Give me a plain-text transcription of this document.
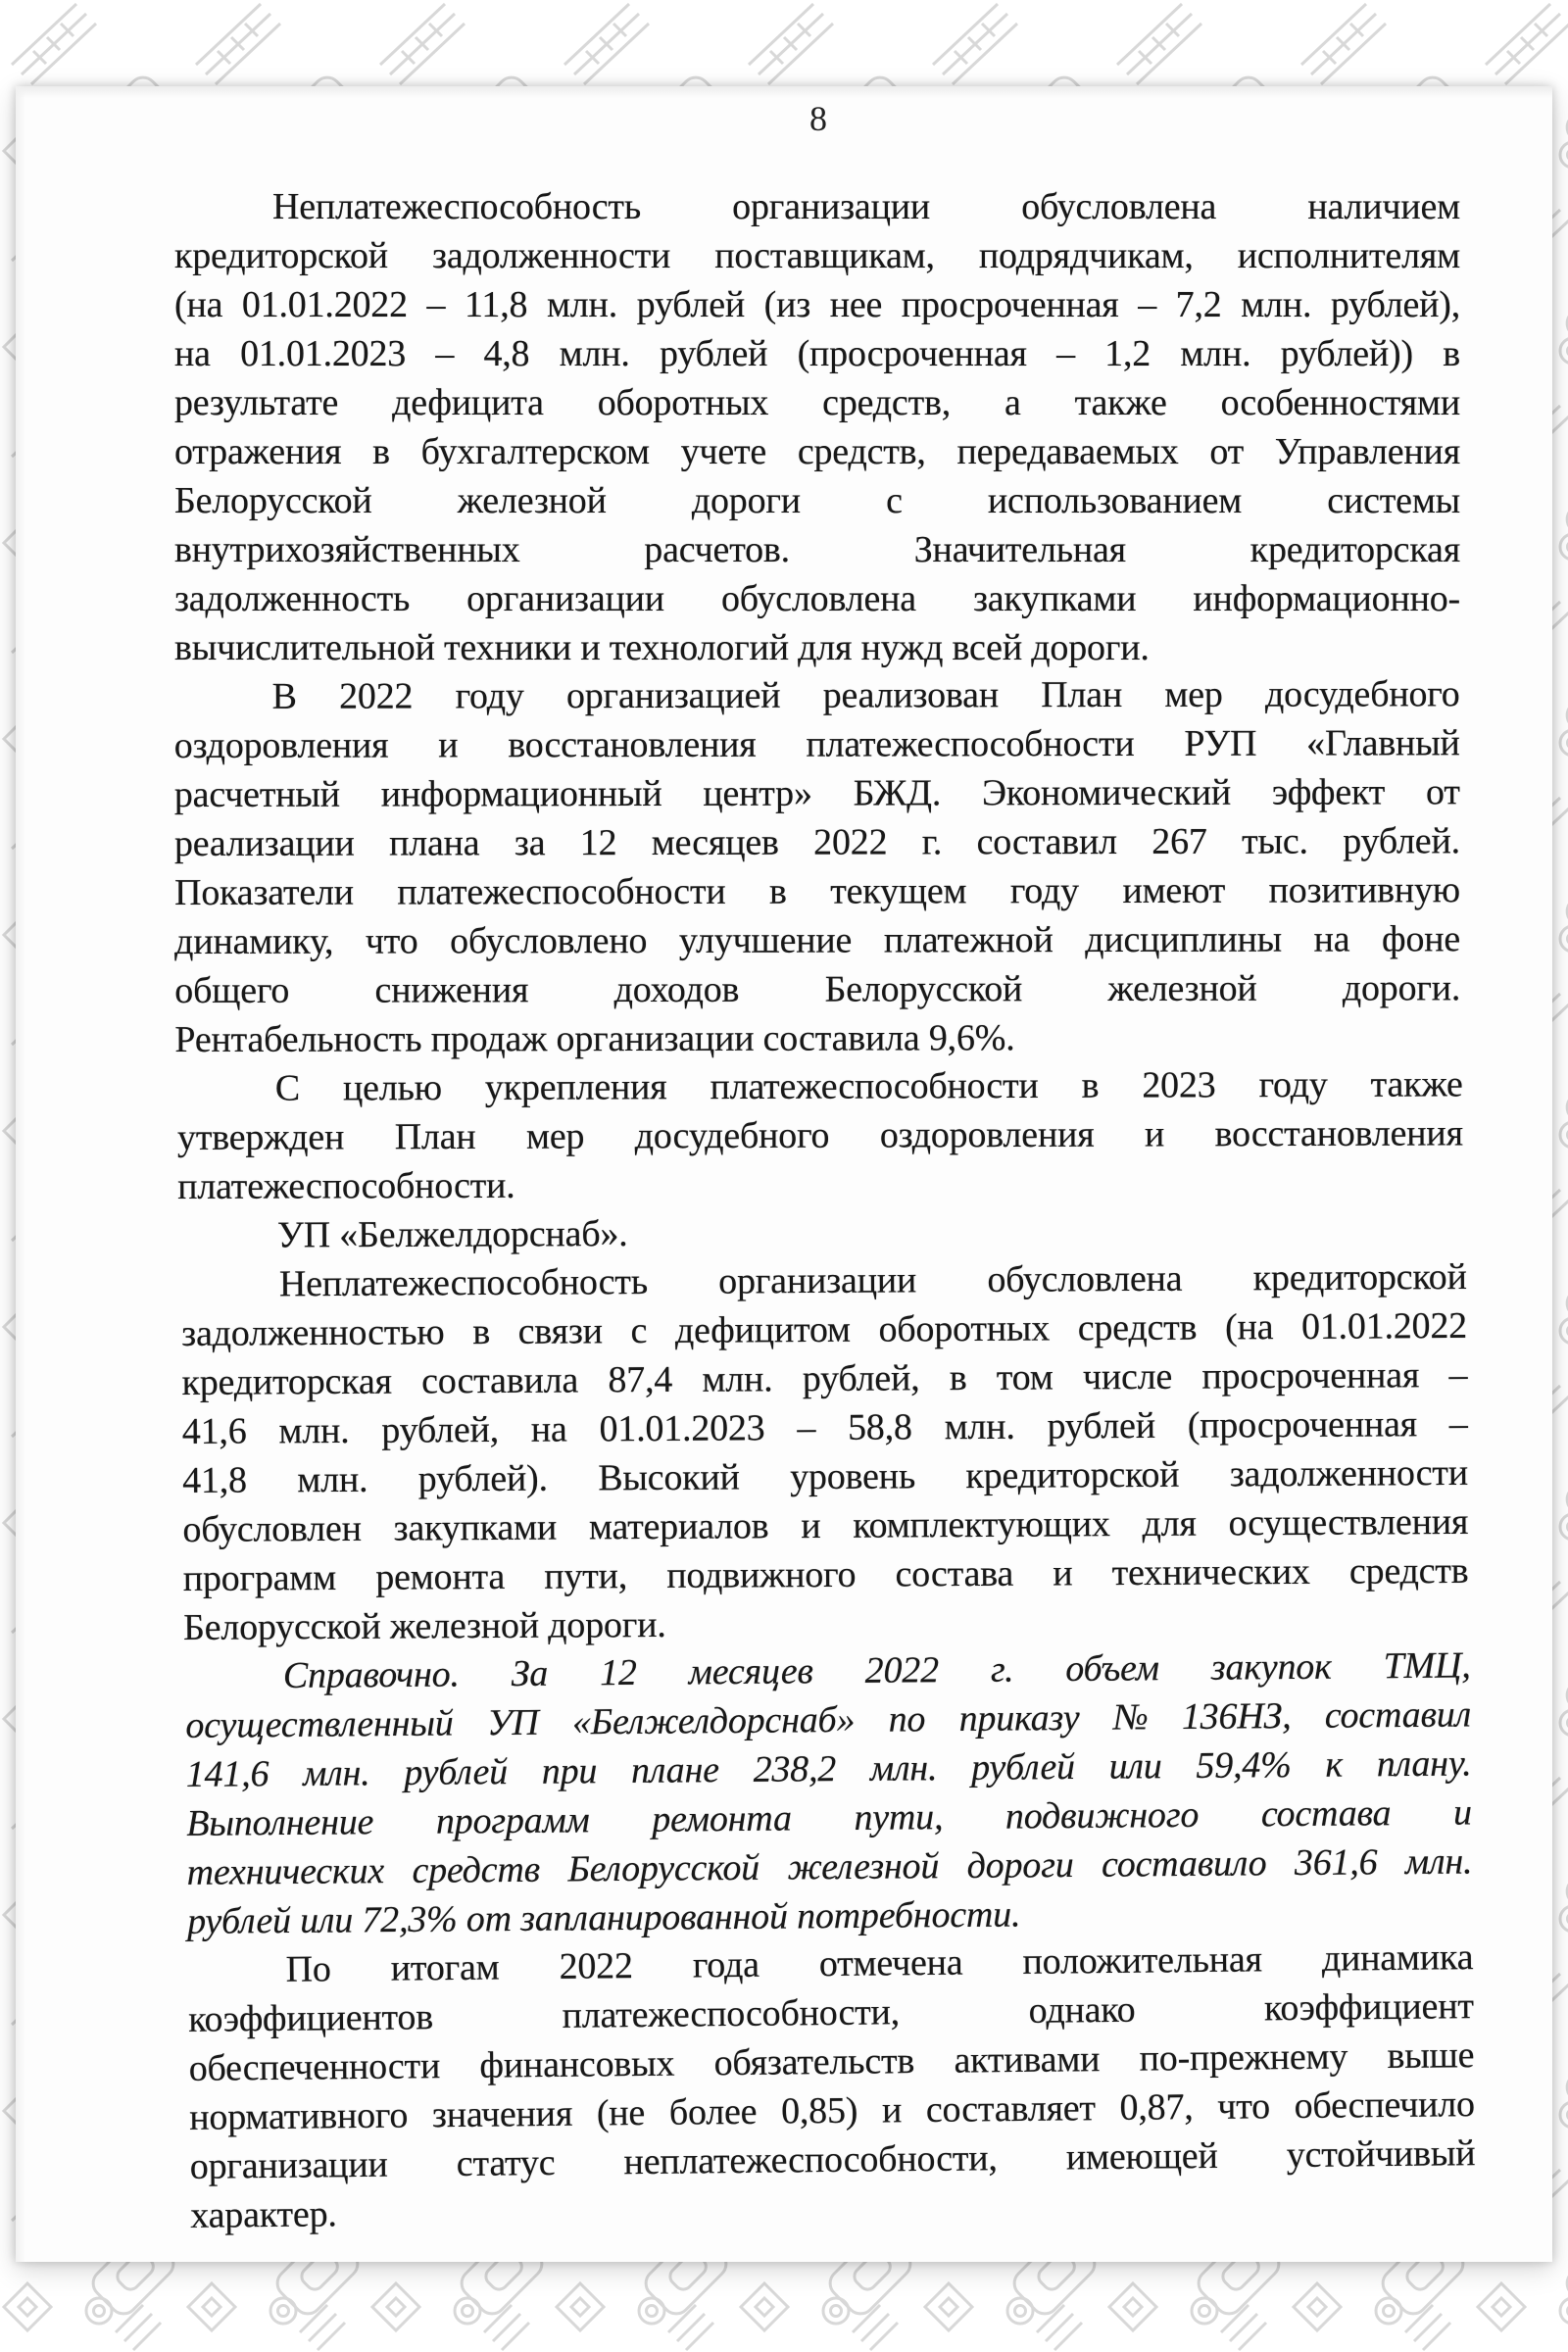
8
Неплатежеспособность организации обусловлена наличием
кредиторской задолженности поставщикам, подрядчикам, исполнителям
(на 01.01.2022 – 11,8 млн. рублей (из нее просроченная – 7,2 млн. рублей),
на 01.01.2023 – 4,8 млн. рублей (просроченная – 1,2 млн. рублей)) в
результате дефицита оборотных средств, а также особенностями
отражения в бухгалтерском учете средств, передаваемых от Управления
Белорусской железной дороги с использованием системы
внутрихозяйственных расчетов. Значительная кредиторская
задолженность организации обусловлена закупками информационно-
вычислительной техники и технологий для нужд всей дороги.
В 2022 году организацией реализован План мер досудебного
оздоровления и восстановления платежеспособности РУП «Главный
расчетный информационный центр» БЖД. Экономический эффект от
реализации плана за 12 месяцев 2022 г. составил 267 тыс. рублей.
Показатели платежеспособности в текущем году имеют позитивную
динамику, что обусловлено улучшение платежной дисциплины на фоне
общего снижения доходов Белорусской железной дороги.
Рентабельность продаж организации составила 9,6%.
С целью укрепления платежеспособности в 2023 году также
утвержден План мер досудебного оздоровления и восстановления
платежеспособности.
УП «Белжелдорснаб».
Неплатежеспособность организации обусловлена кредиторской
задолженностью в связи с дефицитом оборотных средств (на 01.01.2022
кредиторская составила 87,4 млн. рублей, в том числе просроченная –
41,6 млн. рублей, на 01.01.2023 – 58,8 млн. рублей (просроченная –
41,8 млн. рублей). Высокий уровень кредиторской задолженности
обусловлен закупками материалов и комплектующих для осуществления
программ ремонта пути, подвижного состава и технических средств
Белорусской железной дороги.
Справочно. За 12 месяцев 2022 г. объем закупок ТМЦ,
осуществленный УП «Белжелдорснаб» по приказу № 136НЗ, составил
141,6 млн. рублей при плане 238,2 млн. рублей или 59,4% к плану.
Выполнение программ ремонта пути, подвижного состава и
технических средств Белорусской железной дороги составило 361,6 млн.
рублей или 72,3% от запланированной потребности.
По итогам 2022 года отмечена положительная динамика
коэффициентов платежеспособности, однако коэффициент
обеспеченности финансовых обязательств активами по-прежнему выше
нормативного значения (не более 0,85) и составляет 0,87, что обеспечило
организации статус неплатежеспособности, имеющей устойчивый
характер.
